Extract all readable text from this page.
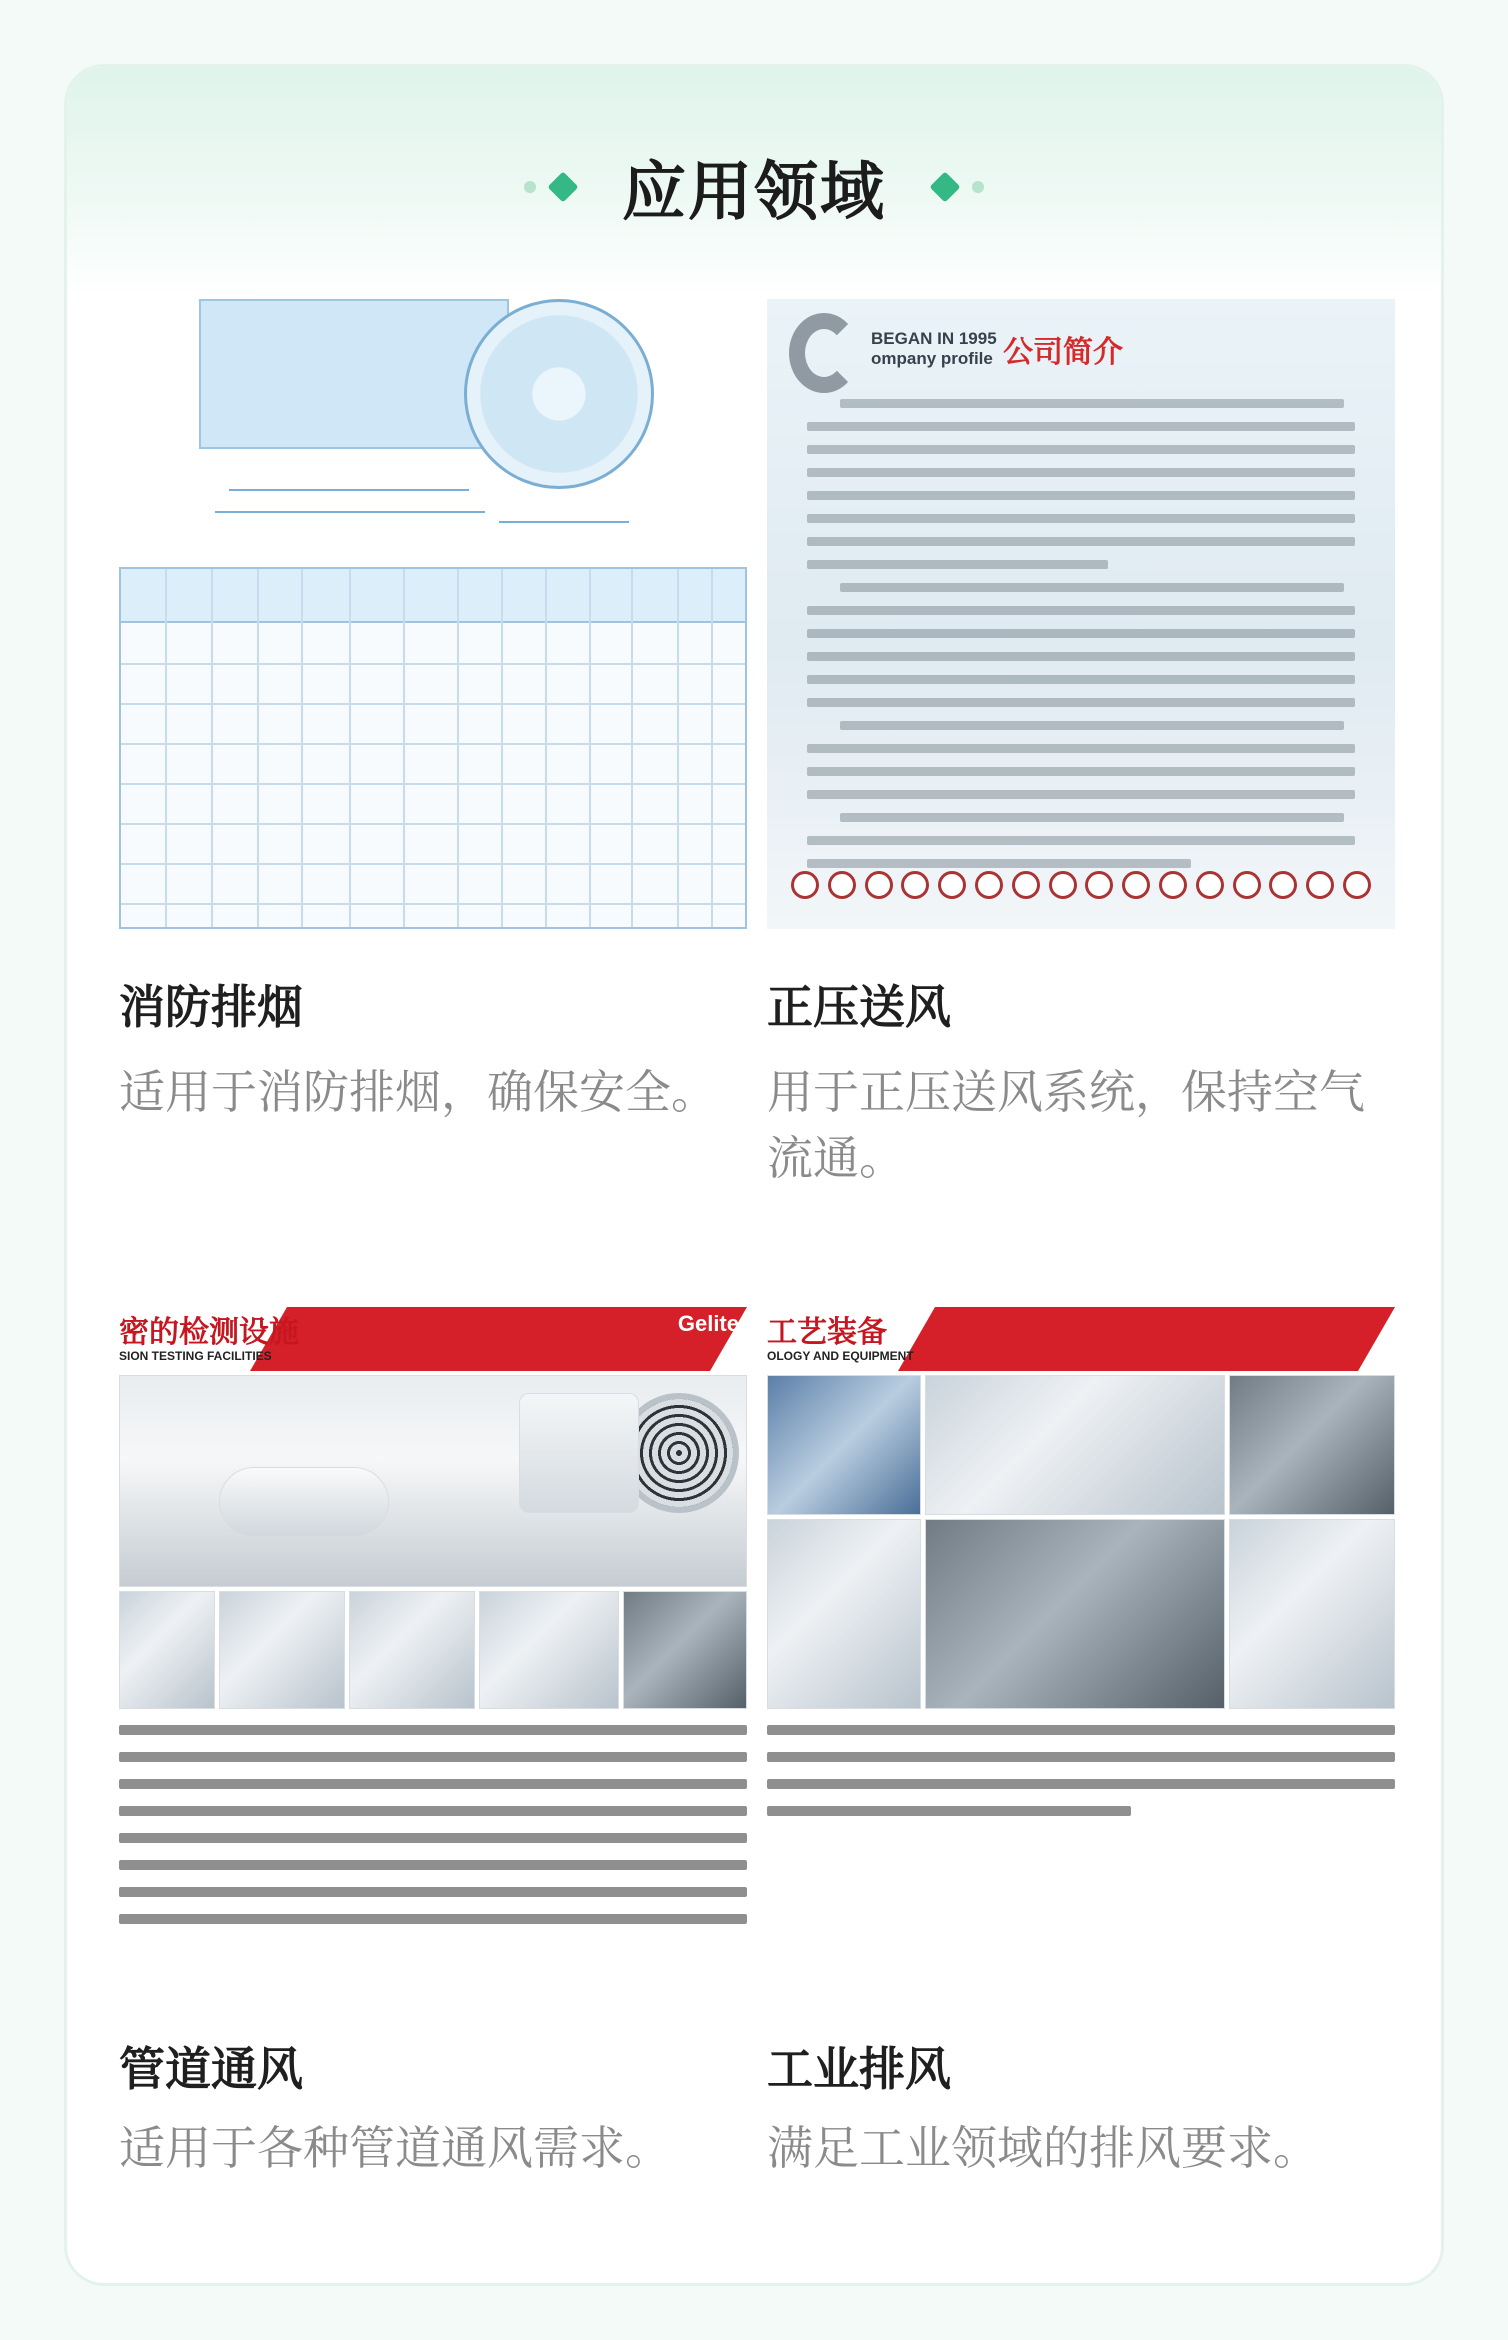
应用领域
消防排烟
适用于消防排烟，确保安全。
BEGAN IN 1995
ompany profile 公司简介
正压送风
用于正压送风系统，保持空气流通。
密的检测设施
SION TESTING FACILITIES
Gelite
管道通风
适用于各种管道通风需求。
工艺装备
OLOGY AND EQUIPMENT
工业排风
满足工业领域的排风要求。
